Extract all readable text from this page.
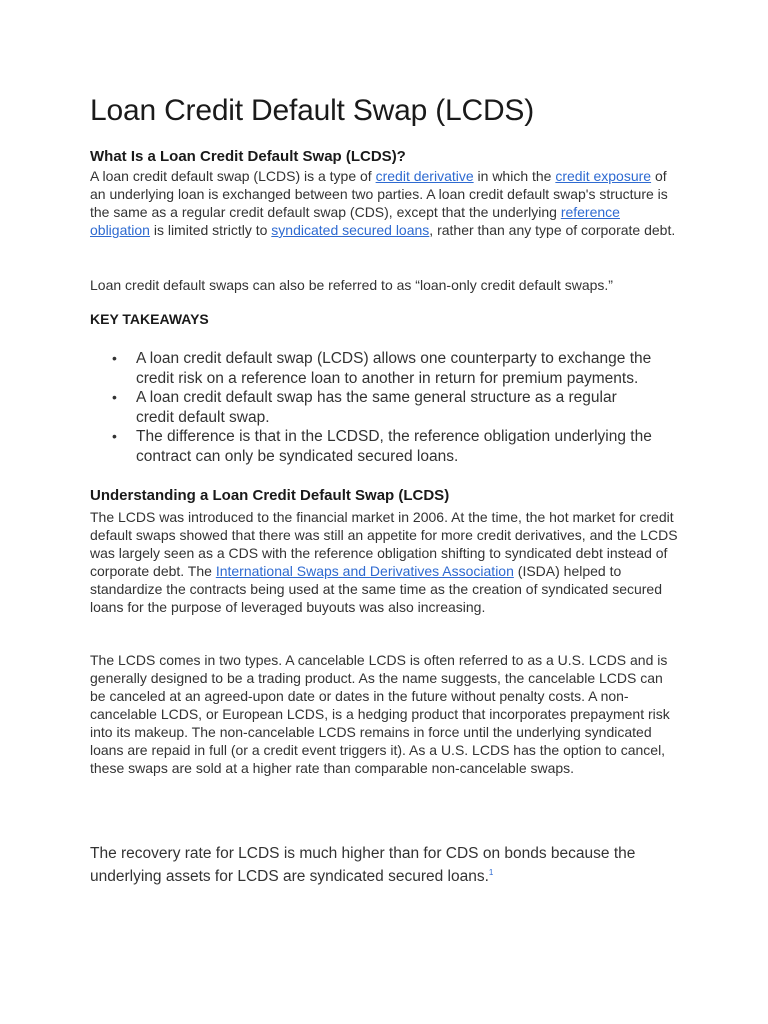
Loan Credit Default Swap (LCDS)
What Is a Loan Credit Default Swap (LCDS)?

A loan credit default swap (LCDS) is a type of credit derivative in which the credit exposure of an underlying loan is exchanged between two parties. A loan credit default swap's structure is the same as a regular credit default swap (CDS), except that the underlying reference obligation is limited strictly to syndicated secured loans, rather than any type of corporate debt.

Loan credit default swaps can also be referred to as “loan-only credit default swaps.”

KEY TAKEAWAYS
• A loan credit default swap (LCDS) allows one counterparty to exchange the credit risk on a reference loan to another in return for premium payments.
• A loan credit default swap has the same general structure as a regular credit default swap.
• The difference is that in the LCDSD, the reference obligation underlying the contract can only be syndicated secured loans.
Understanding a Loan Credit Default Swap (LCDS)

The LCDS was introduced to the financial market in 2006. At the time, the hot market for credit default swaps showed that there was still an appetite for more credit derivatives, and the LCDS was largely seen as a CDS with the reference obligation shifting to syndicated debt instead of corporate debt. The International Swaps and Derivatives Association (ISDA) helped to standardize the contracts being used at the same time as the creation of syndicated secured loans for the purpose of leveraged buyouts was also increasing.

The LCDS comes in two types. A cancelable LCDS is often referred to as a U.S. LCDS and is generally designed to be a trading product. As the name suggests, the cancelable LCDS can be canceled at an agreed-upon date or dates in the future without penalty costs. A non-cancelable LCDS, or European LCDS, is a hedging product that incorporates prepayment risk into its makeup. The non-cancelable LCDS remains in force until the underlying syndicated loans are repaid in full (or a credit event triggers it). As a U.S. LCDS has the option to cancel, these swaps are sold at a higher rate than comparable non-cancelable swaps.

The recovery rate for LCDS is much higher than for CDS on bonds because the underlying assets for LCDS are syndicated secured loans.$^1$
